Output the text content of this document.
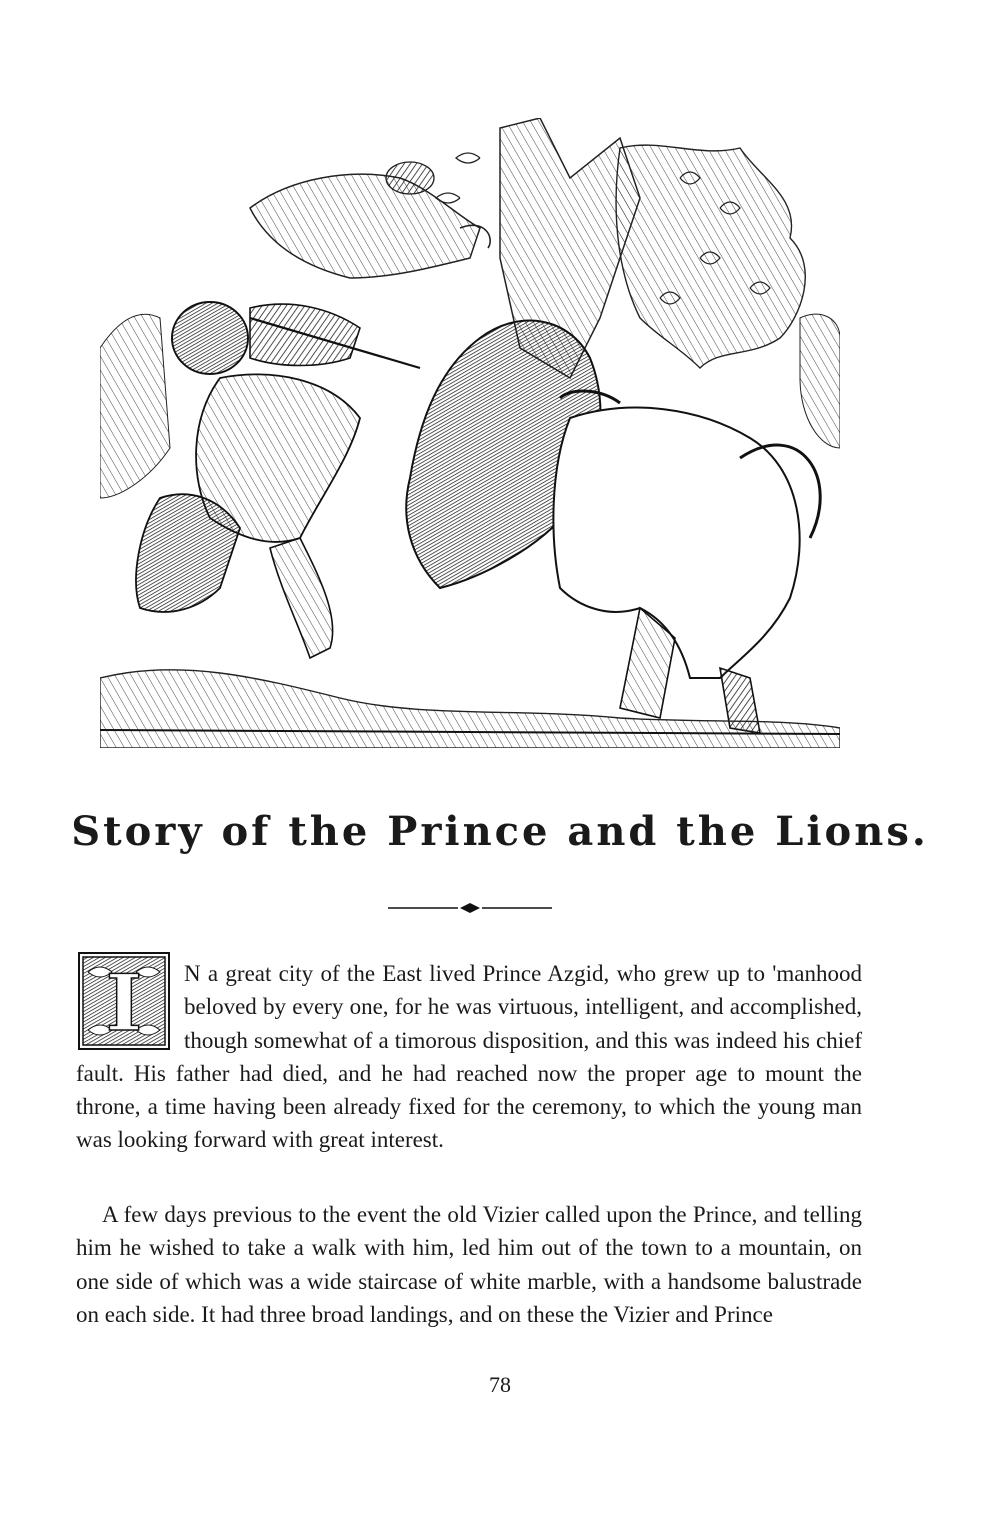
Story of the Prince and the Lions.
I	N a great city of the East lived Prince Azgid, who grew up to 'manhood beloved by every one, for he was virtuous, intelligent, and accomplished, though somewhat of a timorous disposition, and this was indeed his chief fault. His father had died, and he had reached now the proper age to mount the throne, a time having been already fixed for the ceremony, to which the young man was looking forward with great interest.
A few days previous to the event the old Vizier called upon the Prince, and telling him he wished to take a walk with him, led him out of the town to a mountain, on one side of which was a wide staircase of white marble, with a handsome balustrade on each side. It had three broad landings, and on these the Vizier and Prince
78
